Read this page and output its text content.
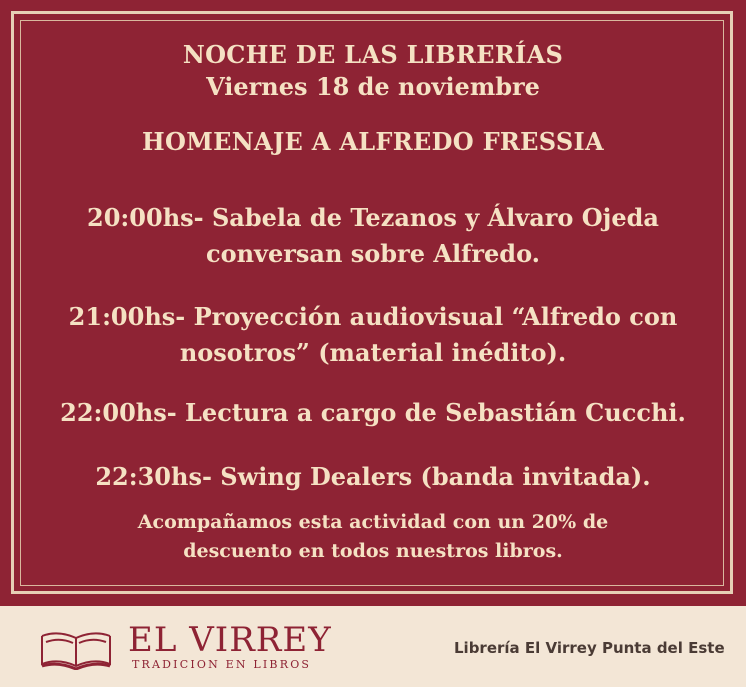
NOCHE DE LAS LIBRERÍAS

Viernes 18 de noviembre

HOMENAJE A ALFREDO FRESSIA

20:00hs- Sabela de Tezanos y Álvaro Ojeda
conversan sobre Alfredo.

21:00hs- Proyección audiovisual “Alfredo con
nosotros” (material inédito).

22:00hs- Lectura a cargo de Sebastián Cucchi.

22:30hs- Swing Dealers (banda invitada).

Acompañamos esta actividad con un 20% de
descuento en todos nuestros libros.

EL VIRREY
TRADICION EN LIBROS
Librería El Virrey Punta del Este
